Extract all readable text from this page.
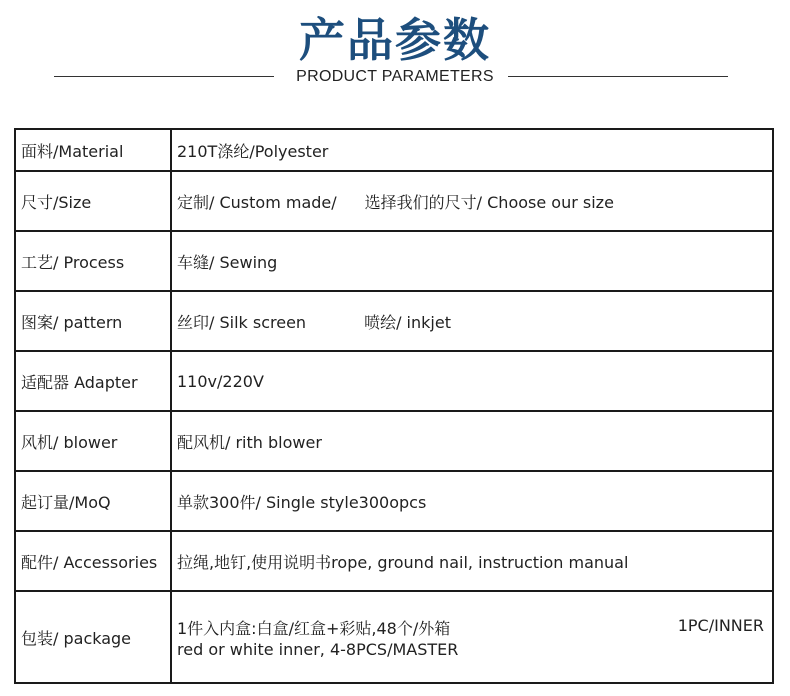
产品参数
PRODUCT PARAMETERS
面料/Material	210T涤纶/Polyester
尺寸/Size	定制/ Custom made/ 选择我们的尺寸/ Choose our size
工艺/ Process	车缝/ Sewing
图案/ pattern	丝印/ Silk screen 喷绘/ inkjet
适配器 Adapter	110v/220V
风机/ blower	配风机/ rith blower
起订量/MoQ	单款300件/ Single style300opcs
配件/ Accessories	拉绳,地钉,使用说明书rope, ground nail, instruction manual
包装/ package	1件入内盒:白盒/红盒+彩贴,48个/外箱 1PC/INNER
red or white inner, 4-8PCS/MASTER
